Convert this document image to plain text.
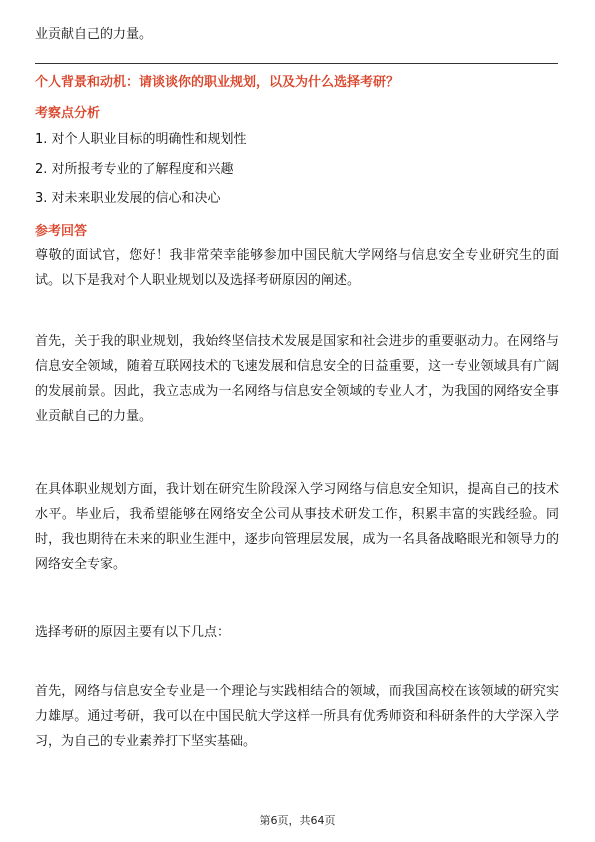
业贡献自己的力量。
个人背景和动机：请谈谈你的职业规划，以及为什么选择考研？
考察点分析
1. 对个人职业目标的明确性和规划性
2. 对所报考专业的了解程度和兴趣
3. 对未来职业发展的信心和决心
参考回答

尊敬的面试官，您好！我非常荣幸能够参加中国民航大学网络与信息安全专业研究生的面试。以下是我对个人职业规划以及选择考研原因的阐述。

首先，关于我的职业规划，我始终坚信技术发展是国家和社会进步的重要驱动力。在网络与信息安全领域，随着互联网技术的飞速发展和信息安全的日益重要，这一专业领域具有广阔的发展前景。因此，我立志成为一名网络与信息安全领域的专业人才，为我国的网络安全事业贡献自己的力量。

在具体职业规划方面，我计划在研究生阶段深入学习网络与信息安全知识，提高自己的技术水平。毕业后，我希望能够在网络安全公司从事技术研发工作，积累丰富的实践经验。同时，我也期待在未来的职业生涯中，逐步向管理层发展，成为一名具备战略眼光和领导力的网络安全专家。

选择考研的原因主要有以下几点：

首先，网络与信息安全专业是一个理论与实践相结合的领域，而我国高校在该领域的研究实力雄厚。通过考研，我可以在中国民航大学这样一所具有优秀师资和科研条件的大学深入学习，为自己的专业素养打下坚实基础。

第6页，共64页
